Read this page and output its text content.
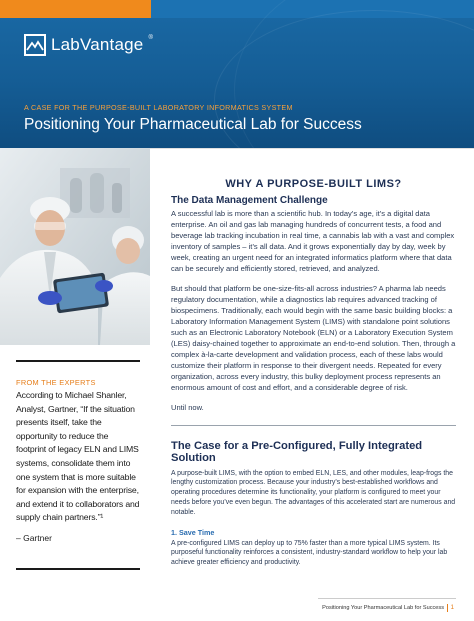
LabVantage ®
A CASE FOR THE PURPOSE-BUILT LABORATORY INFORMATICS SYSTEM
Positioning Your Pharmaceutical Lab for Success
FROM THE EXPERTS
According to Michael Shanler, Analyst, Gartner, “If the situation presents itself, take the opportunity to reduce the footprint of legacy ELN and LIMS systems, consolidate them into one system that is more suitable for expansion with the enterprise, and extend it to collaborators and supply chain partners.”¹
– Gartner
WHY A PURPOSE-BUILT LIMS?
The Data Management Challenge

A successful lab is more than a scientific hub. In today’s age, it’s a digital data enterprise. An oil and gas lab managing hundreds of concurrent tests, a food and beverage lab tracking incubation in real time, a cannabis lab with a vast and complex inventory of samples – it’s all data. And it grows exponentially day by day, week by week, creating an urgent need for an integrated informatics platform where that data can be securely and efficiently stored, retrieved, and analyzed.

But should that platform be one-size-fits-all across industries? A pharma lab needs regulatory documentation, while a diagnostics lab requires advanced tracking of biospecimens. Traditionally, each would begin with the same basic building blocks: a Laboratory Information Management System (LIMS) with standalone point solutions such as an Electronic Laboratory Notebook (ELN) or a Laboratory Execution System (LES) daisy-chained together to approximate an end-to-end solution. Then, through a complex à-la-carte development and validation process, each of these labs would customize their platform in response to their divergent needs. Repeated for every organization, across every industry, this bulky deployment process represents an enormous amount of cost and effort, and a considerable degree of risk.

Until now.

The Case for a Pre-Configured, Fully Integrated Solution

A purpose-built LIMS, with the option to embed ELN, LES, and other modules, leap-frogs the lengthy customization process. Because your industry’s best-established workflows and operating procedures determine its functionality, your platform is configured to meet your needs before you’ve even begun. The advantages of this accelerated start are numerous and notable.

1. Save Time

A pre-configured LIMS can deploy up to 75% faster than a more typical LIMS system. Its purposeful functionality reinforces a consistent, industry-standard workflow to help your lab achieve greater efficiency and productivity.

Positioning Your Pharmaceutical Lab for Success 1
